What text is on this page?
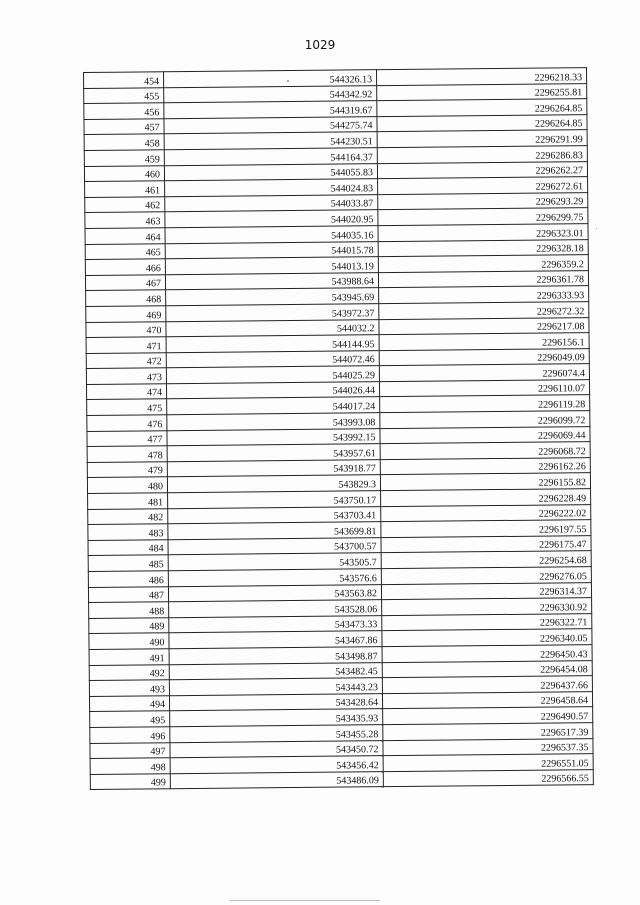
1029
454	544326.13	2296218.33
455	544342.92	2296255.81
456	544319.67	2296264.85
457	544275.74	2296264.85
458	544230.51	2296291.99
459	544164.37	2296286.83
460	544055.83	2296262.27
461	544024.83	2296272.61
462	544033.87	2296293.29
463	544020.95	2296299.75
464	544035.16	2296323.01
465	544015.78	2296328.18
466	544013.19	2296359.2
467	543988.64	2296361.78
468	543945.69	2296333.93
469	543972.37	2296272.32
470	544032.2	2296217.08
471	544144.95	2296156.1
472	544072.46	2296049.09
473	544025.29	2296074.4
474	544026.44	2296110.07
475	544017.24	2296119.28
476	543993.08	2296099.72
477	543992.15	2296069.44
478	543957.61	2296068.72
479	543918.77	2296162.26
480	543829.3	2296155.82
481	543750.17	2296228.49
482	543703.41	2296222.02
483	543699.81	2296197.55
484	543700.57	2296175.47
485	543505.7	2296254.68
486	543576.6	2296276.05
487	543563.82	2296314.37
488	543528.06	2296330.92
489	543473.33	2296322.71
490	543467.86	2296340.05
491	543498.87	2296450.43
492	543482.45	2296454.08
493	543443.23	2296437.66
494	543428.64	2296458.64
495	543435.93	2296490.57
496	543455.28	2296517.39
497	543450.72	2296537.35
498	543456.42	2296551.05
499	543486.09	2296566.55
